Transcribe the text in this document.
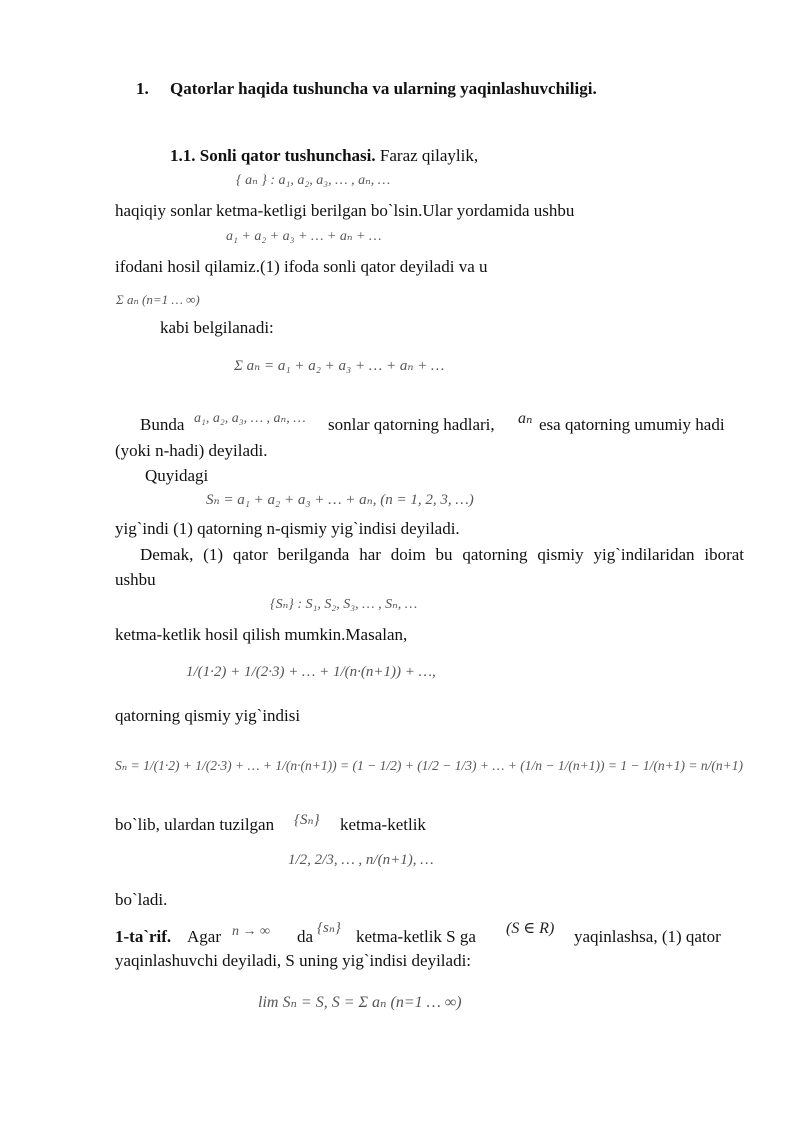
1. Qatorlar haqida tushuncha va ularning yaqinlashuvchiligi.
1.1. Sonli qator tushunchasi. Faraz qilaylik,
{ aₙ } : a₁, a₂, a₃, … , aₙ, …
haqiqiy sonlar ketma-ketligi berilgan bo`lsin.Ular yordamida ushbu
a₁ + a₂ + a₃ + … + aₙ + …
ifodani hosil qilamiz.(1) ifoda sonli qator deyiladi va u
Σ aₙ (n=1 … ∞)
kabi belgilanadi:
Σ aₙ = a₁ + a₂ + a₃ + … + aₙ + …
Bunda a₁, a₂, a₃, … , aₙ, … sonlar qatorning hadlari, aₙ esa qatorning umumiy hadi
(yoki n-hadi) deyiladi.
Quyidagi
Sₙ = a₁ + a₂ + a₃ + … + aₙ, (n = 1, 2, 3, …)
yig`indi (1) qatorning n-qismiy yig`indisi deyiladi.
Demak, (1) qator berilganda har doim bu qatorning qismiy yig`indilaridan iborat
ushbu
{Sₙ} : S₁, S₂, S₃, … , Sₙ, …
ketma-ketlik hosil qilish mumkin.Masalan,
1/(1·2) + 1/(2·3) + … + 1/(n·(n+1)) + …,
qatorning qismiy yig`indisi
Sₙ = 1/(1·2) + 1/(2·3) + … + 1/(n·(n+1)) = (1 − 1/2) + (1/2 − 1/3) + … + (1/n − 1/(n+1)) = 1 − 1/(n+1) = n/(n+1)
bo`lib, ulardan tuzilgan {Sₙ} ketma-ketlik
1/2, 2/3, … , n/(n+1), …
bo`ladi.
1-ta`rif. Agar n → ∞ da {sₙ} ketma-ketlik S ga (S ∈ R) yaqinlashsa, (1) qator
yaqinlashuvchi deyiladi, S uning yig`indisi deyiladi:
lim Sₙ = S, S = Σ aₙ (n=1 … ∞)
